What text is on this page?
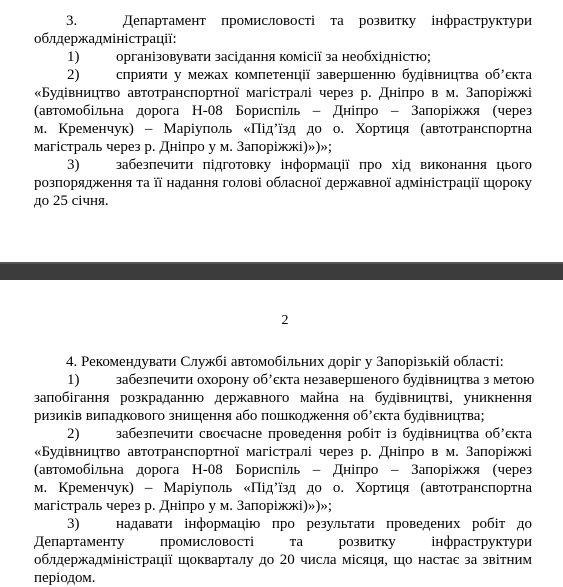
3.   Департамент промисловості та розвитку інфраструктури
облдержадміністрації:
1)	організовувати засідання комісії за необхідністю;
2)	сприяти у межах компетенції завершенню будівництва об’єкта
«Будівництво автотранспортної магістралі через р. Дніпро в м. Запоріжжі
(автомобільна дорога Н-08 Бориспіль – Дніпро – Запоріжжя (через
м. Кременчук) – Маріуполь «Під’їзд до о. Хортиця (автотранспортна
магістраль через р. Дніпро у м. Запоріжжі)»)»;
3)	забезпечити підготовку інформації про хід виконання цього
розпорядження та її надання голові обласної державної адміністрації щороку
до 25 січня.
2
4. Рекомендувати Службі автомобільних доріг у Запорізькій області:
1)	забезпечити охорону об’єкта незавершеного будівництва з метою
запобігання розкраданню державного майна на будівництві, уникнення
ризиків випадкового знищення або пошкодження об’єкта будівництва;
2)	забезпечити своєчасне проведення робіт із будівництва об’єкта
«Будівництво автотранспортної магістралі через р. Дніпро в м. Запоріжжі
(автомобільна дорога Н-08 Бориспіль – Дніпро – Запоріжжя (через
м. Кременчук) – Маріуполь «Під’їзд до о. Хортиця (автотранспортна
магістраль через р. Дніпро у м. Запоріжжі)»)»;
3)	надавати інформацію про результати проведених робіт до
Департаменту промисловості та розвитку інфраструктури
облдержадміністрації щокварталу до 20 числа місяця, що настає за звітним
періодом.
